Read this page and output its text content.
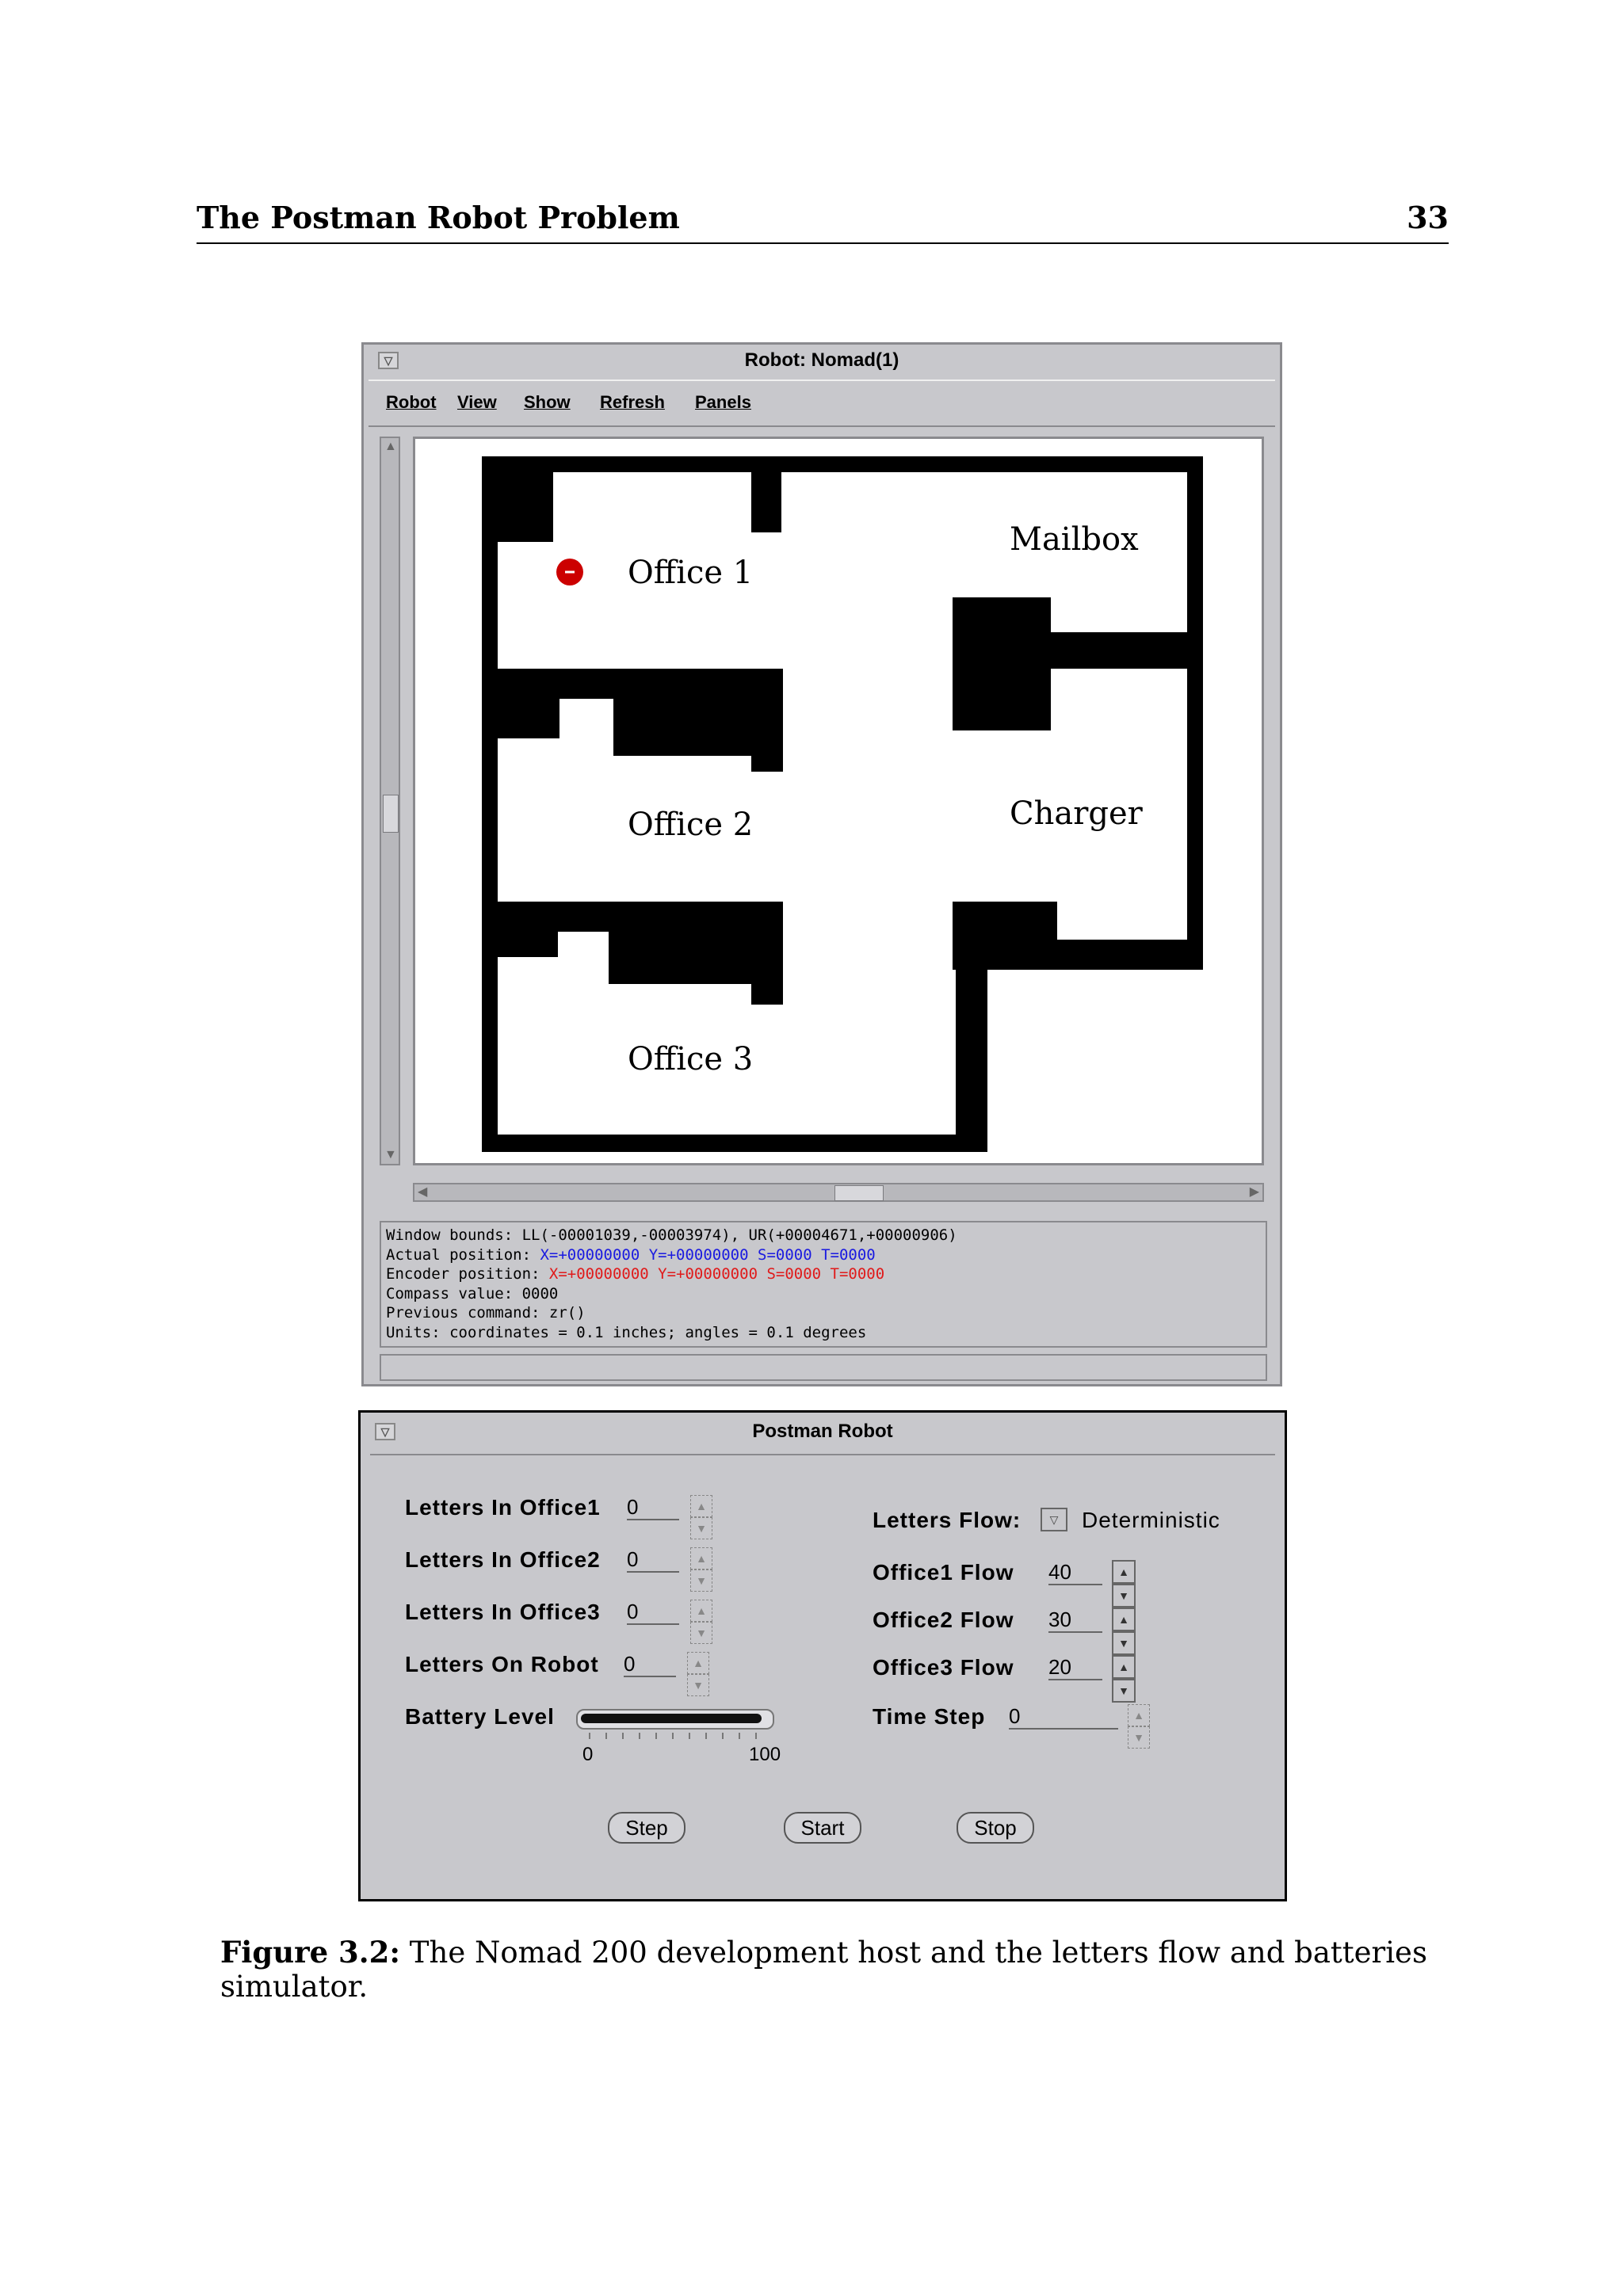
The Postman Robot Problem	33
▽	Robot: Nomad(1)
Robot View Show Refresh Panels
▲
▼
Office 1
Office 2
Office 3
Mailbox
Charger
◀	▶
Window bounds: LL(-00001039,-00003974), UR(+00004671,+00000906)
Actual position: X=+00000000 Y=+00000000 S=0000 T=0000
Encoder position: X=+00000000 Y=+00000000 S=0000 T=0000
Compass value: 0000
Previous command: zr()
Units: coordinates = 0.1 inches; angles = 0.1 degrees
▽	Postman Robot
Letters In Office1 0	▲▼
Letters In Office2 0	▲▼
Letters In Office3 0	▲▼
Letters On Robot 0	▲▼
Battery Level
0	100
Letters Flow:	▽	Deterministic
Office1 Flow 40	▲▼
Office2 Flow 30	▲▼
Office3 Flow 20	▲▼
Time Step 0	▲▼
Step	Start	Stop
Figure 3.2: The Nomad 200 development host and the letters flow and batteries simulator.
